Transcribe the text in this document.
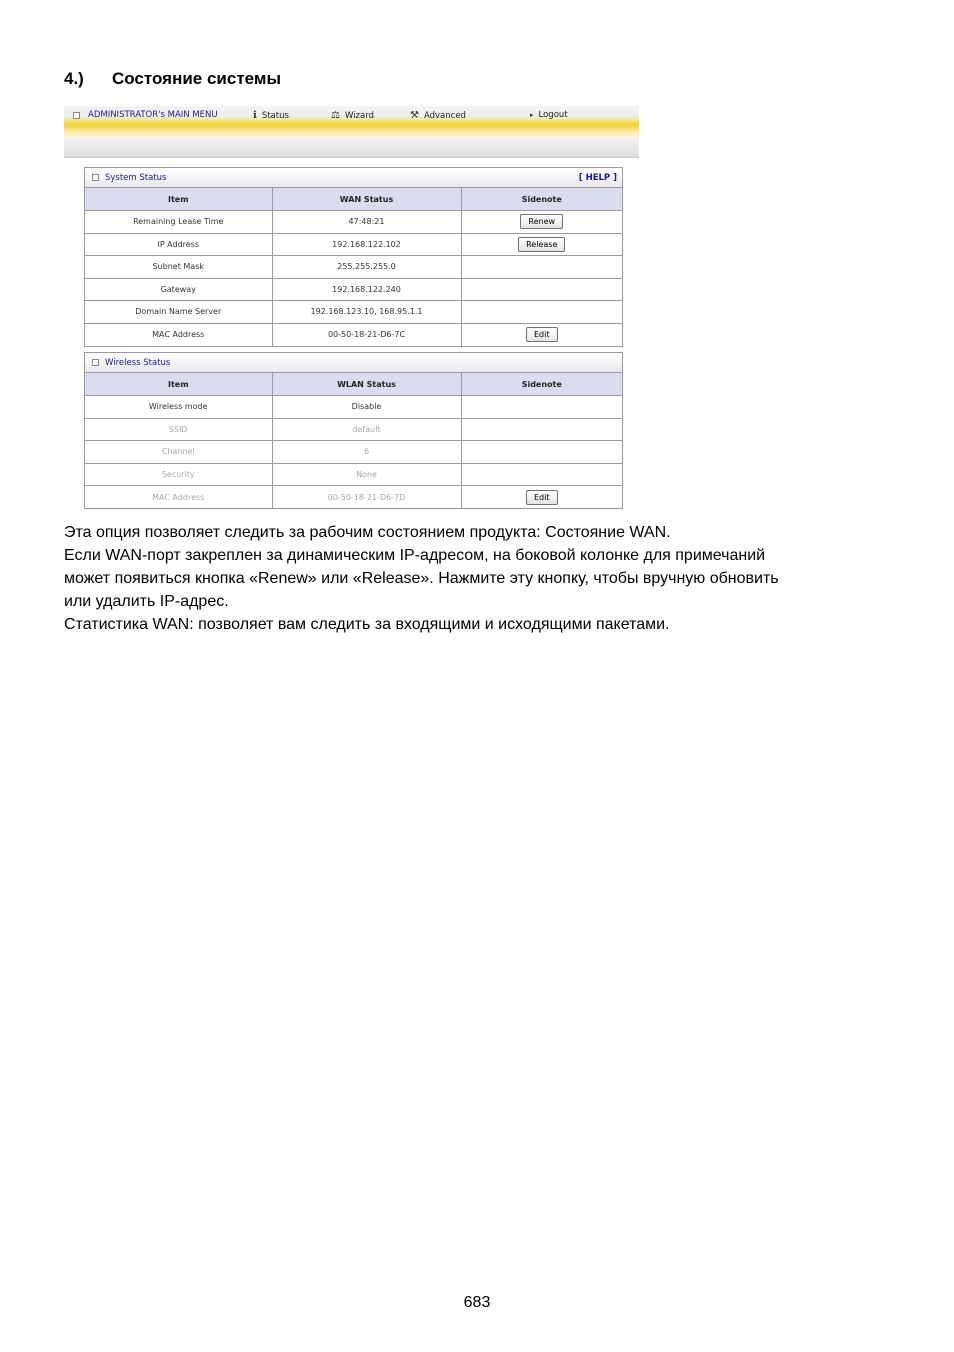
4.) Состояние системы
ADMINISTRATOR's MAIN MENU	ℹ Status	⚖ Wizard	⚒ Advanced	▸ Logout
System Status	[ HELP ]
Item	WAN Status	Sidenote
Remaining Lease Time	47:48:21	Renew
IP Address	192.168.122.102	Release
Subnet Mask	255.255.255.0	
Gateway	192.168.122.240	
Domain Name Server	192.168.123.10, 168.95.1.1	
MAC Address	00-50-18-21-D6-7C	Edit
Wireless Status
Item	WLAN Status	Sidenote
Wireless mode	Disable	
SSID	default	
Channel	6	
Security	None	
MAC Address	00-50-18-21-D6-7D	Edit

Эта опция позволяет следить за рабочим состоянием продукта: Состояние WAN.

Если WAN-порт закреплен за динамическим IP-адресом, на боковой колонке для примечаний

может появиться кнопка «Renew» или «Release». Нажмите эту кнопку, чтобы вручную обновить

или удалить IP-адрес.

Статистика WAN: позволяет вам следить за входящими и исходящими пакетами.

683
